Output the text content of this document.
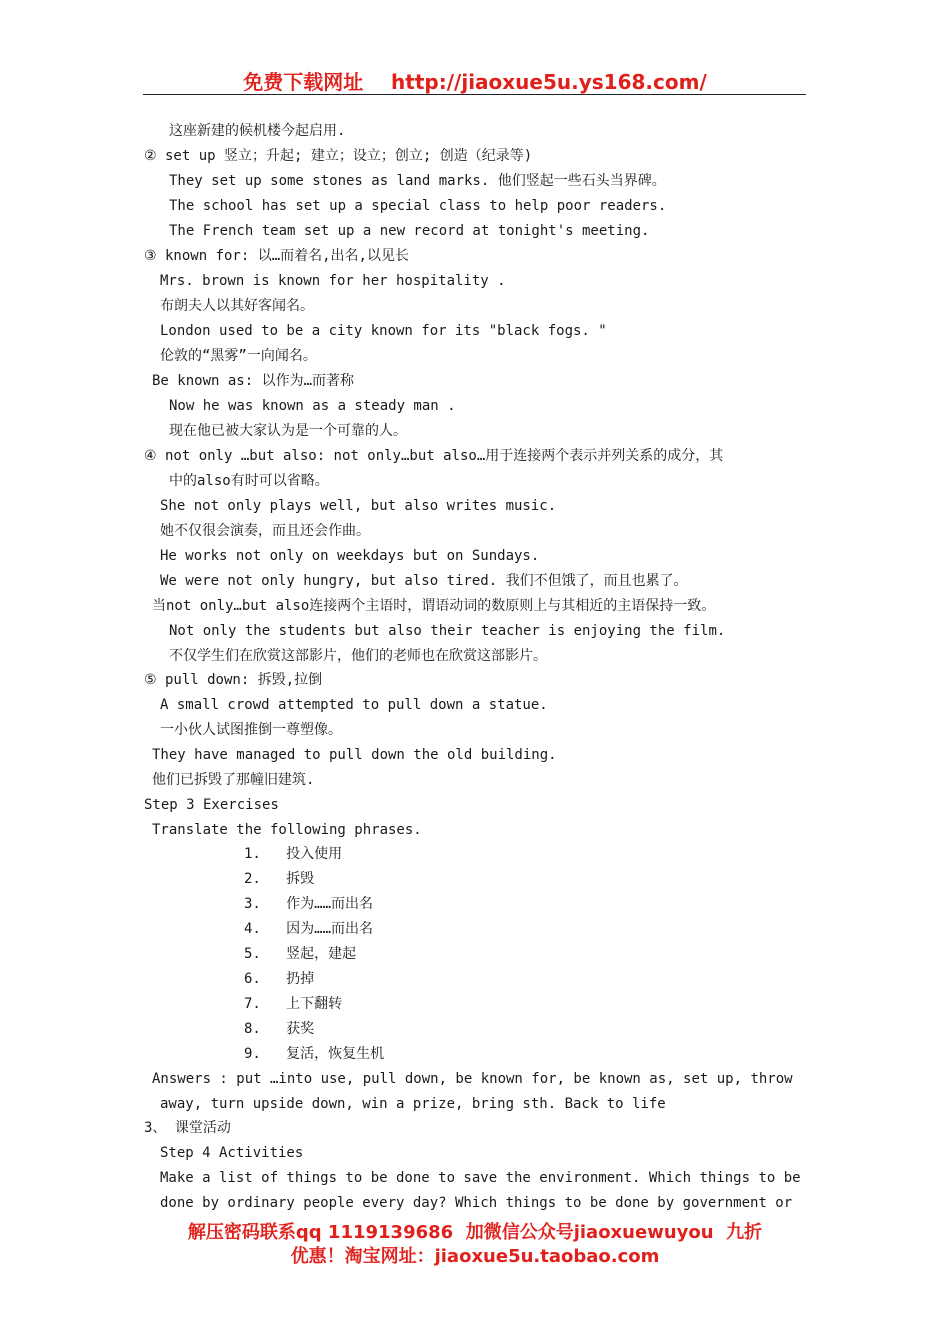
免费下载网址    http://jiaoxue5u.ys168.com/
这座新建的候机楼今起启用.
② set up 竖立；升起; 建立；设立；创立; 创造（纪录等)
They set up some stones as land marks. 他们竖起一些石头当界碑。
The school has set up a special class to help poor readers.
The French team set up a new record at tonight's meeting.
③ known for: 以…而着名,出名,以见长
Mrs. brown is known for her hospitality .
布朗夫人以其好客闻名。
London used to be a city known for its "black fogs. "
伦敦的“黑雾”一向闻名。
Be known as: 以作为…而著称
Now he was known as a steady man .
现在他已被大家认为是一个可靠的人。
④ not only …but also: not only…but also…用于连接两个表示并列关系的成分，其
中的also有时可以省略。
She not only plays well, but also writes music.
她不仅很会演奏，而且还会作曲。
He works not only on weekdays but on Sundays.
We were not only hungry, but also tired. 我们不但饿了，而且也累了。
当not only…but also连接两个主语时，谓语动词的数原则上与其相近的主语保持一致。
Not only the students but also their teacher is enjoying the film.
不仅学生们在欣赏这部影片，他们的老师也在欣赏这部影片。
⑤ pull down: 拆毁,拉倒
A small crowd attempted to pull down a statue.
一小伙人试图推倒一尊塑像。
They have managed to pull down the old building.
他们已拆毁了那幢旧建筑.
Step 3 Exercises
Translate the following phrases.
1.   投入使用
2.   拆毁
3.   作为……而出名
4.   因为……而出名
5.   竖起，建起
6.   扔掉
7.   上下翻转
8.   获奖
9.   复活，恢复生机
Answers : put …into use, pull down, be known for, be known as, set up, throw
away, turn upside down, win a prize, bring sth. Back to life
3、 课堂活动
Step 4 Activities
Make a list of things to be done to save the environment. Which things to be
done by ordinary people every day? Which things to be done by government or
解压密码联系qq 1119139686  加微信公众号jiaoxuewuyou  九折
优惠！淘宝网址：jiaoxue5u.taobao.com
